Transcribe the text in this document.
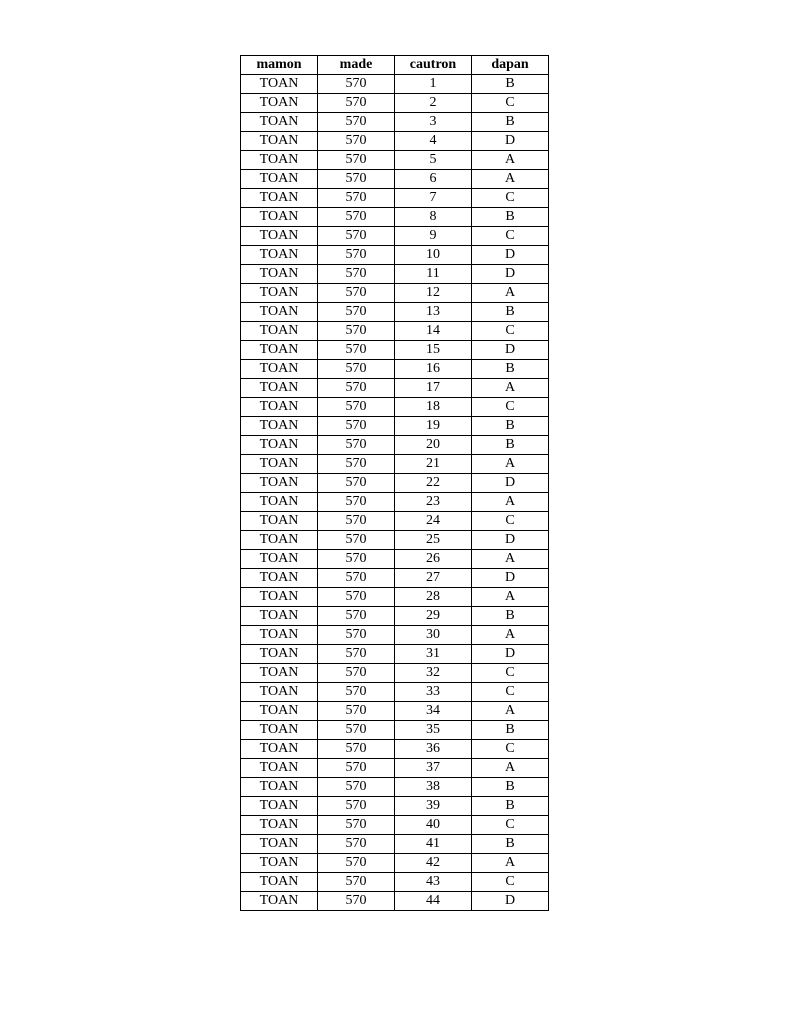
mamon	made	cautron	dapan
TOAN	570	1	B
TOAN	570	2	C
TOAN	570	3	B
TOAN	570	4	D
TOAN	570	5	A
TOAN	570	6	A
TOAN	570	7	C
TOAN	570	8	B
TOAN	570	9	C
TOAN	570	10	D
TOAN	570	11	D
TOAN	570	12	A
TOAN	570	13	B
TOAN	570	14	C
TOAN	570	15	D
TOAN	570	16	B
TOAN	570	17	A
TOAN	570	18	C
TOAN	570	19	B
TOAN	570	20	B
TOAN	570	21	A
TOAN	570	22	D
TOAN	570	23	A
TOAN	570	24	C
TOAN	570	25	D
TOAN	570	26	A
TOAN	570	27	D
TOAN	570	28	A
TOAN	570	29	B
TOAN	570	30	A
TOAN	570	31	D
TOAN	570	32	C
TOAN	570	33	C
TOAN	570	34	A
TOAN	570	35	B
TOAN	570	36	C
TOAN	570	37	A
TOAN	570	38	B
TOAN	570	39	B
TOAN	570	40	C
TOAN	570	41	B
TOAN	570	42	A
TOAN	570	43	C
TOAN	570	44	D
